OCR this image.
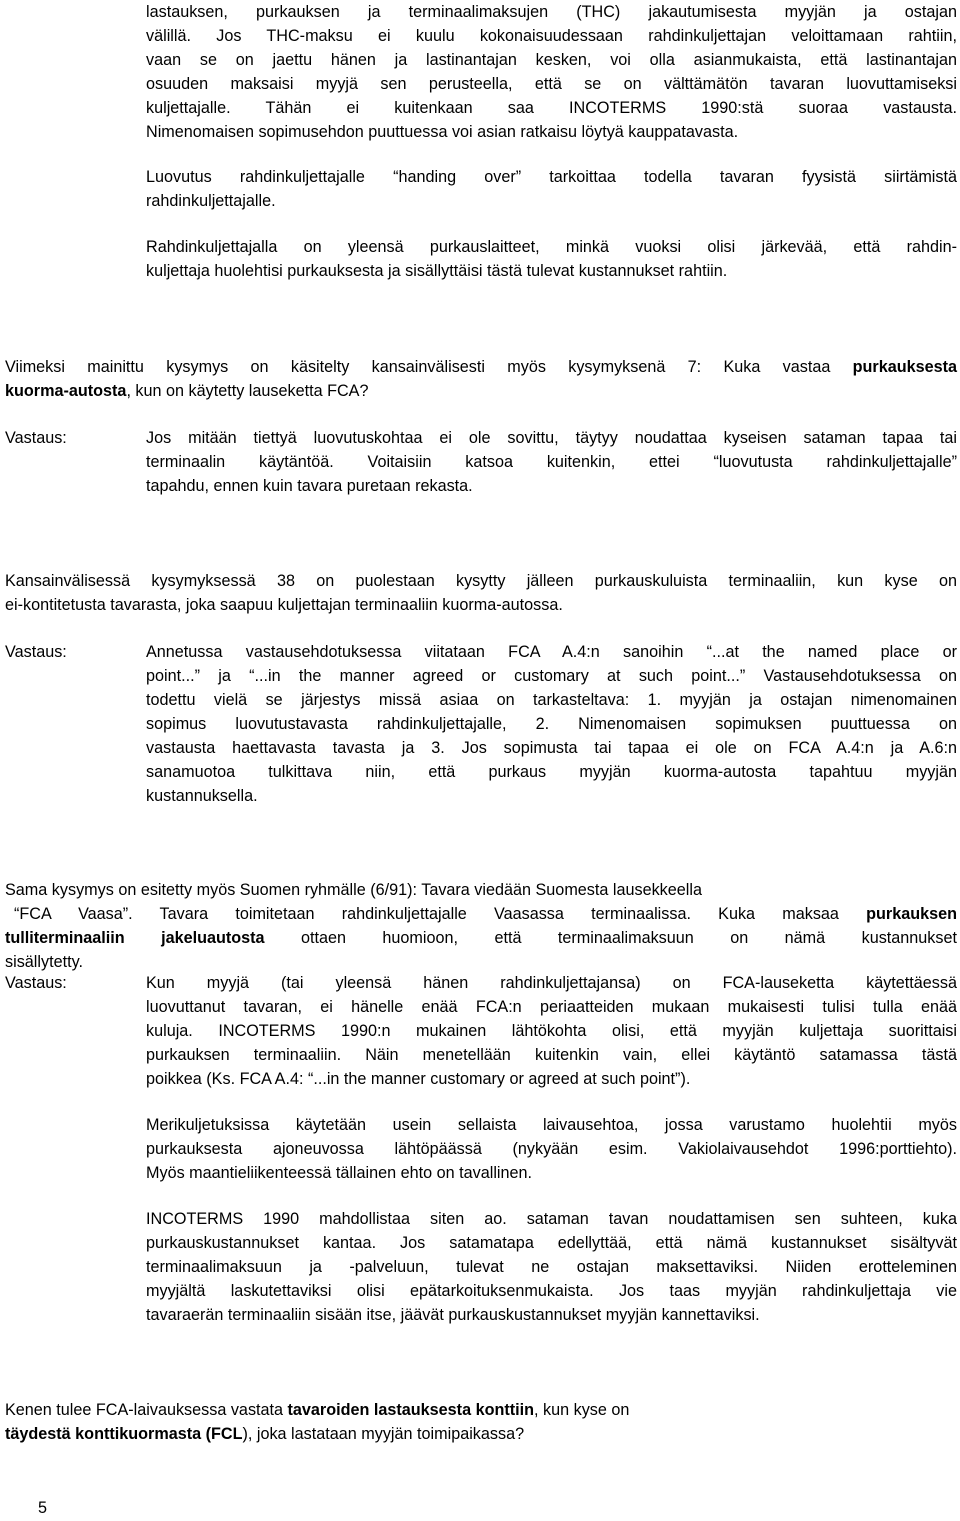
lastauksen, purkauksen ja terminaalimaksujen (THC) jakautumisesta myyjän ja ostajan
välillä. Jos THC-maksu ei kuulu kokonaisuudessaan rahdinkuljettajan veloittamaan rahtiin,
vaan se on jaettu hänen ja lastinantajan kesken, voi olla asianmukaista, että lastinantajan
osuuden maksaisi myyjä sen perusteella, että se on välttämätön tavaran luovuttamiseksi
kuljettajalle. Tähän ei kuitenkaan saa INCOTERMS 1990:stä suoraa vastausta.
Nimenomaisen sopimusehdon puuttuessa voi asian ratkaisu löytyä kauppatavasta.
Luovutus rahdinkuljettajalle “handing over” tarkoittaa todella tavaran fyysistä siirtämistä
rahdinkuljettajalle.
Rahdinkuljettajalla on yleensä purkauslaitteet, minkä vuoksi olisi järkevää, että rahdin-
kuljettaja huolehtisi purkauksesta ja sisällyttäisi tästä tulevat kustannukset rahtiin.
Viimeksi mainittu kysymys on käsitelty kansainvälisesti myös kysymyksenä 7: Kuka vastaa purkauksesta
kuorma-autosta, kun on käytetty lauseketta FCA?
Vastaus:	Jos mitään tiettyä luovutuskohtaa ei ole sovittu, täytyy noudattaa kyseisen sataman tapaa tai
terminaalin käytäntöä. Voitaisiin katsoa kuitenkin, ettei “luovutusta rahdinkuljettajalle”
tapahdu, ennen kuin tavara puretaan rekasta.
Kansainvälisessä kysymyksessä 38 on puolestaan kysytty jälleen purkauskuluista terminaaliin, kun kyse on
ei-kontitetusta tavarasta, joka saapuu kuljettajan terminaaliin kuorma-autossa.
Vastaus:	Annetussa vastausehdotuksessa viitataan FCA A.4:n sanoihin “...at the named place or
point...” ja “...in the manner agreed or customary at such point...” Vastausehdotuksessa on
todettu vielä se järjestys missä asiaa on tarkasteltava: 1. myyjän ja ostajan nimenomainen
sopimus luovutustavasta rahdinkuljettajalle, 2. Nimenomaisen sopimuksen puuttuessa on
vastausta haettavasta tavasta ja 3. Jos sopimusta tai tapaa ei ole on FCA A.4:n ja A.6:n
sanamuotoa tulkittava niin, että purkaus myyjän kuorma-autosta tapahtuu myyjän
kustannuksella.
Sama kysymys on esitetty myös Suomen ryhmälle (6/91): Tavara viedään Suomesta lausekkeella
“FCA Vaasa”. Tavara toimitetaan rahdinkuljettajalle Vaasassa terminaalissa. Kuka maksaa purkauksen
tulliterminaaliin jakeluautosta ottaen huomioon, että terminaalimaksuun on nämä kustannukset
sisällytetty.
Vastaus:	Kun myyjä (tai yleensä hänen rahdinkuljettajansa) on FCA-lauseketta käytettäessä
luovuttanut tavaran, ei hänelle enää FCA:n periaatteiden mukaan mukaisesti tulisi tulla enää
kuluja. INCOTERMS 1990:n mukainen lähtökohta olisi, että myyjän kuljettaja suorittaisi
purkauksen terminaaliin. Näin menetellään kuitenkin vain, ellei käytäntö satamassa tästä
poikkea (Ks. FCA A.4: “...in the manner customary or agreed at such point”).
Merikuljetuksissa käytetään usein sellaista laivausehtoa, jossa varustamo huolehtii myös
purkauksesta ajoneuvossa lähtöpäässä (nykyään esim. Vakiolaivausehdot 1996:porttiehto).
Myös maantieliikenteessä tällainen ehto on tavallinen.
INCOTERMS 1990 mahdollistaa siten ao. sataman tavan noudattamisen sen suhteen, kuka
purkauskustannukset kantaa. Jos satamatapa edellyttää, että nämä kustannukset sisältyvät
terminaalimaksuun ja -palveluun, tulevat ne ostajan maksettaviksi. Niiden erotteleminen
myyjältä laskutettaviksi olisi epätarkoituksenmukaista. Jos taas myyjän rahdinkuljettaja vie
tavaraerän terminaaliin sisään itse, jäävät purkauskustannukset myyjän kannettaviksi.
Kenen tulee FCA-laivauksessa vastata tavaroiden lastauksesta konttiin, kun kyse on
täydestä konttikuormasta (FCL), joka lastataan myyjän toimipaikassa?
5
